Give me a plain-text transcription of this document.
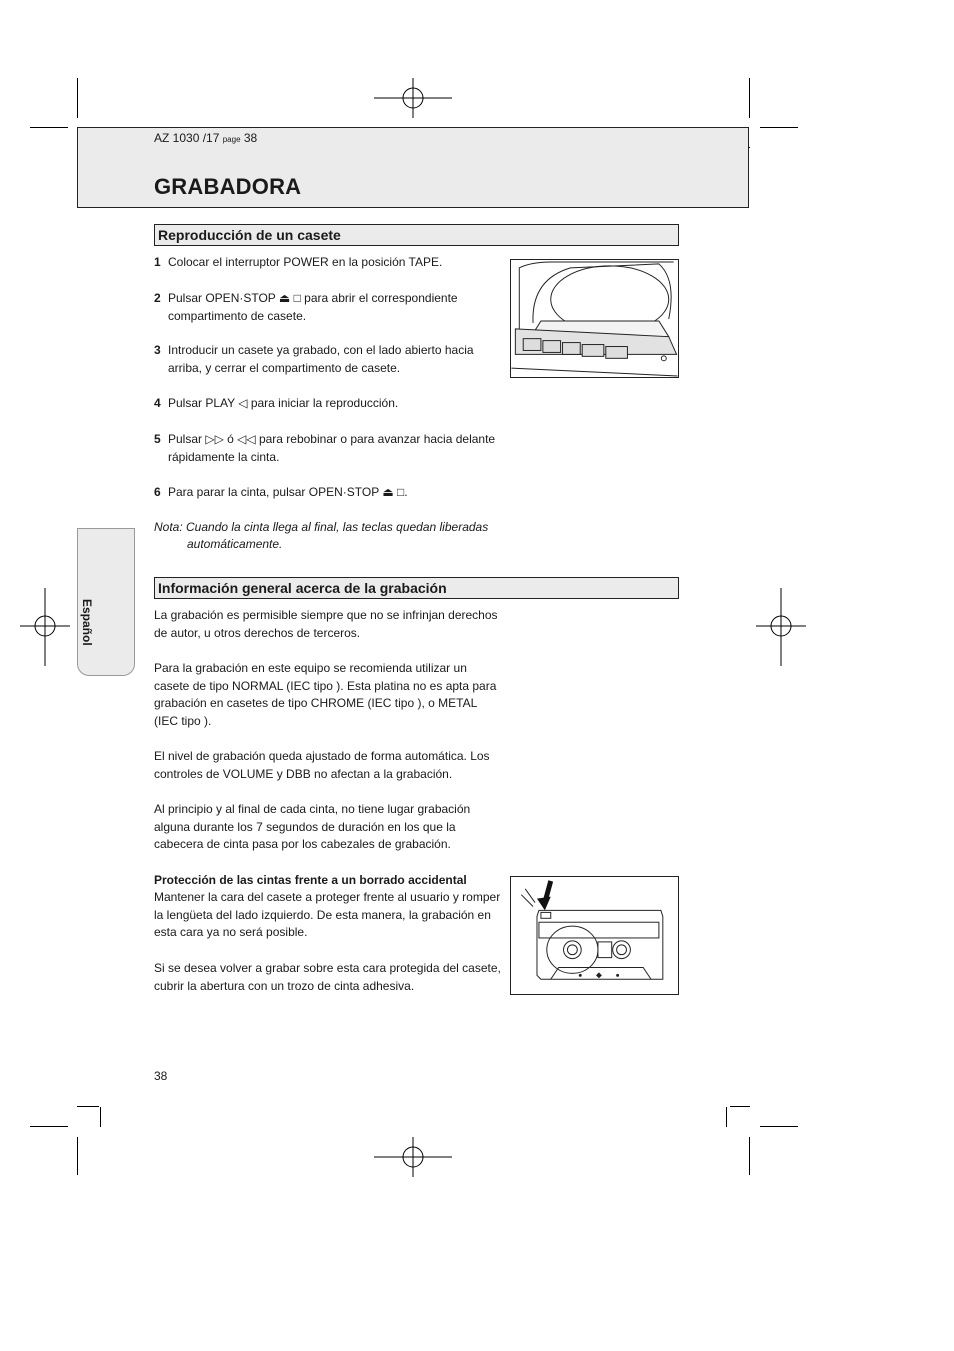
AZ 1030 /17 page 38
GRABADORA
Reproducción de un casete
1 Colocar el interruptor POWER en la posición TAPE.
2 Pulsar OPEN·STOP ⏏ □ para abrir el correspondiente compartimento de casete.
3 Introducir un casete ya grabado, con el lado abierto hacia arriba, y cerrar el compartimento de casete.
4 Pulsar PLAY ◁ para iniciar la reproducción.
5 Pulsar ▷▷ ó ◁◁ para rebobinar o para avanzar hacia delante rápidamente la cinta.
6 Para parar la cinta, pulsar OPEN·STOP ⏏ □.
Nota: Cuando la cinta llega al final, las teclas quedan liberadas
automáticamente.
Información general acerca de la grabación
La grabación es permisible siempre que no se infrinjan derechos de autor, u otros derechos de terceros.
Para la grabación en este equipo se recomienda utilizar un casete de tipo NORMAL (IEC tipo ). Esta platina no es apta para grabación en casetes de tipo CHROME (IEC tipo ), o METAL (IEC tipo ).
El nivel de grabación queda ajustado de forma automática. Los controles de VOLUME y DBB no afectan a la grabación.
Al principio y al final de cada cinta, no tiene lugar grabación alguna durante los 7 segundos de duración en los que la cabecera de cinta pasa por los cabezales de grabación.
Protección de las cintas frente a un borrado accidental
Mantener la cara del casete a proteger frente al usuario y romper la lengüeta del lado izquierdo. De esta manera, la grabación en esta cara ya no será posible.
Si se desea volver a grabar sobre esta cara protegida del casete, cubrir la abertura con un trozo de cinta adhesiva.
Español
38
